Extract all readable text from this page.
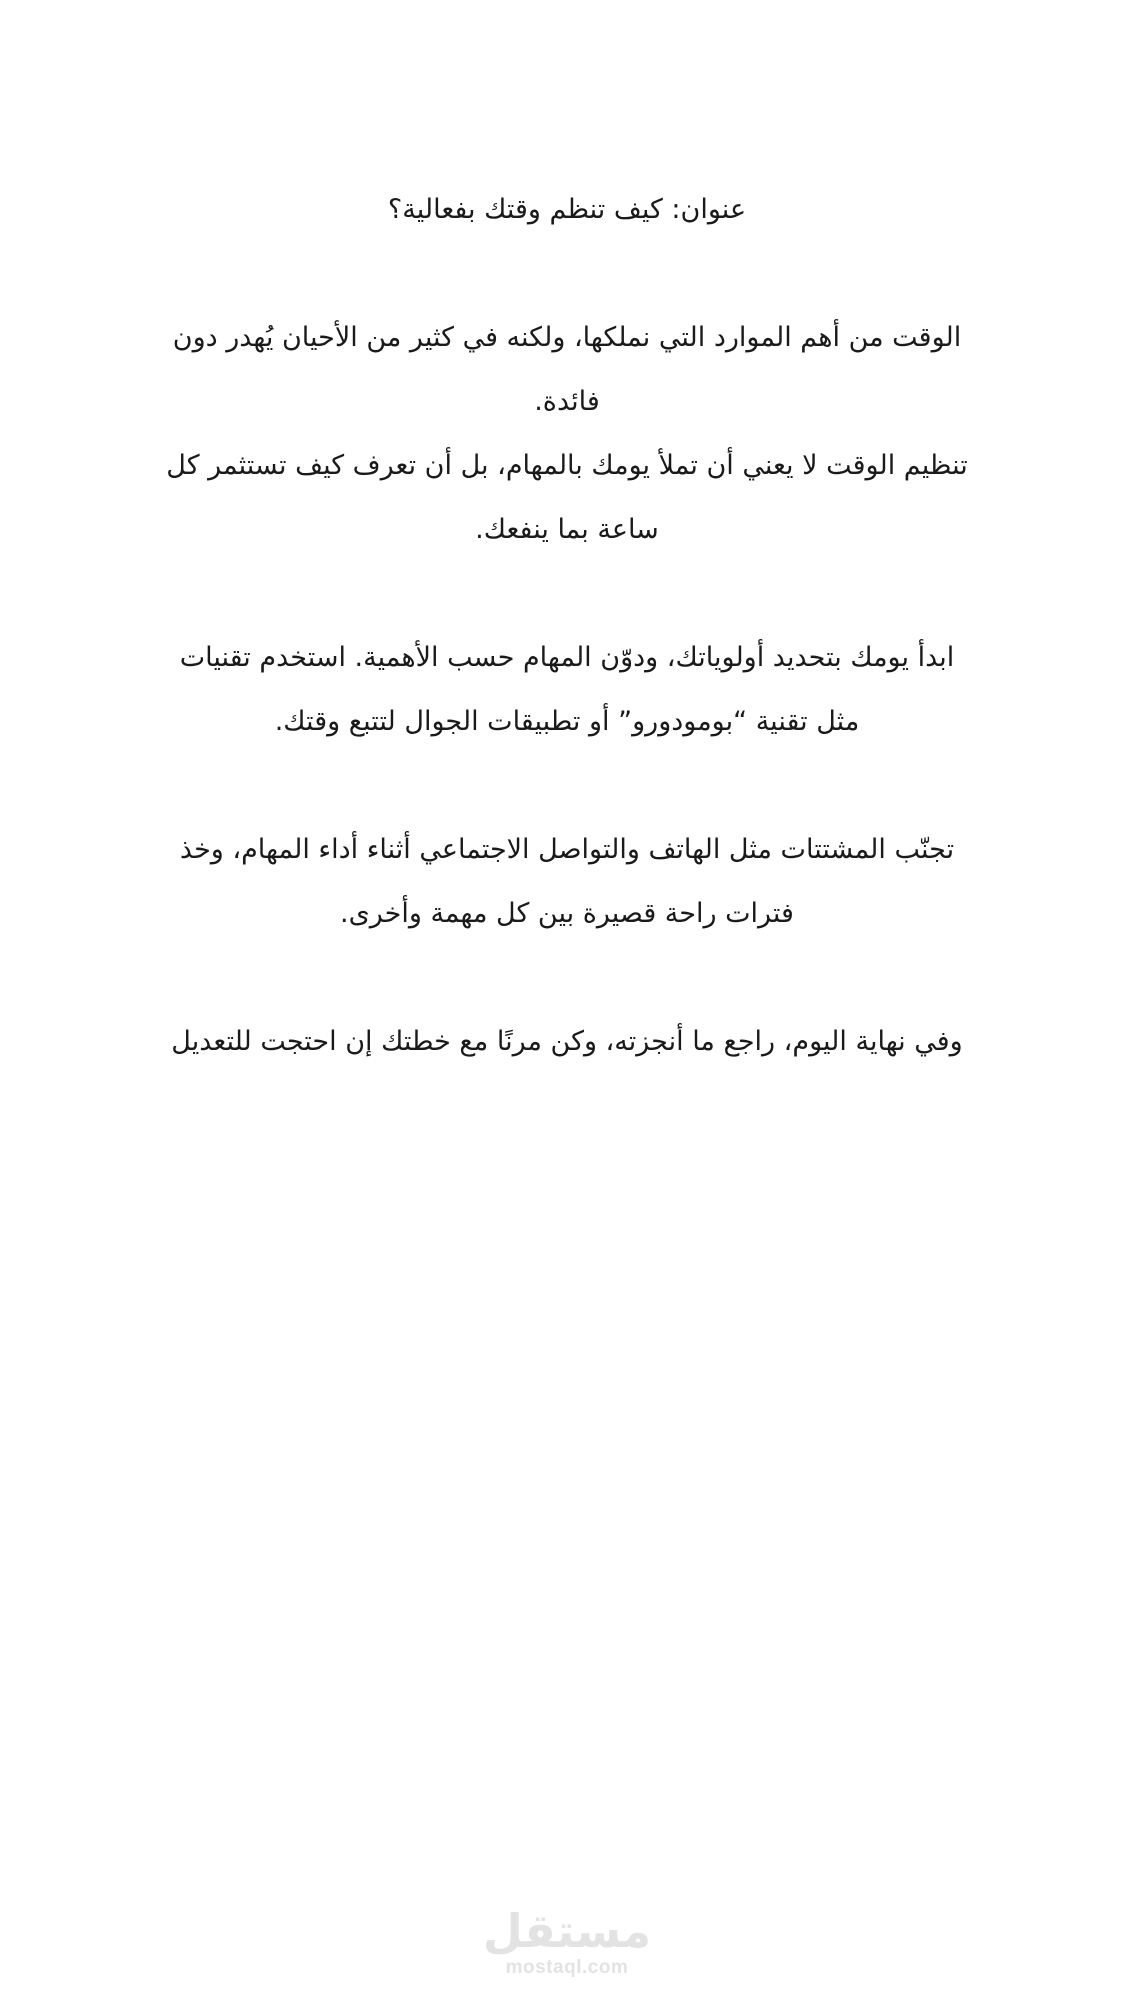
عنوان: كيف تنظم وقتك بفعالية؟

الوقت من أهم الموارد التي نملكها، ولكنه في كثير من الأحيان يُهدر دون
فائدة.

تنظيم الوقت لا يعني أن تملأ يومك بالمهام، بل أن تعرف كيف تستثمر كل
ساعة بما ينفعك.

ابدأ يومك بتحديد أولوياتك، ودوّن المهام حسب الأهمية. استخدم تقنيات
مثل تقنية “بومودورو” أو تطبيقات الجوال لتتبع وقتك.

تجنّب المشتتات مثل الهاتف والتواصل الاجتماعي أثناء أداء المهام، وخذ
فترات راحة قصيرة بين كل مهمة وأخرى.

وفي نهاية اليوم، راجع ما أنجزته، وكن مرنًا مع خطتك إن احتجت للتعديل

مستقل
mostaql.com
